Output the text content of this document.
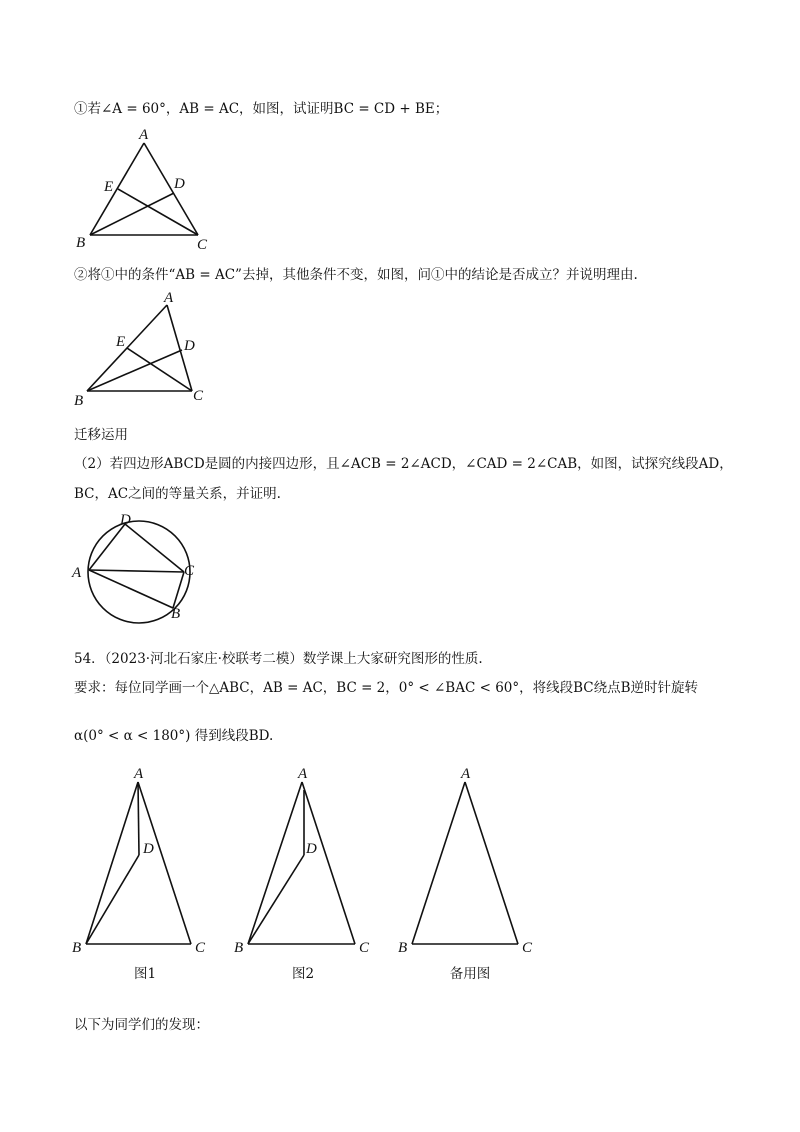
①若∠A = 60°，AB = AC，如图，试证明BC = CD + BE；
A
B	C
D
E
②将①中的条件“AB = AC”去掉，其他条件不变，如图，问①中的结论是否成立？并说明理由.
A
B	C
D
E
迁移运用
（2）若四边形ABCD是圆的内接四边形，且∠ACB = 2∠ACD，∠CAD = 2∠CAB，如图，试探究线段AD，
BC，AC之间的等量关系，并证明.
D
A	C
B
54．（2023·河北石家庄·校联考二模）数学课上大家研究图形的性质.
要求：每位同学画一个△ABC，AB = AC，BC = 2，0° < ∠BAC < 60°，将线段BC绕点B逆时针旋转
α(0° < α < 180°) 得到线段BD.
A
D
B	C
图1
A
D
B	C
图2
A
B	C
备用图
以下为同学们的发现：
